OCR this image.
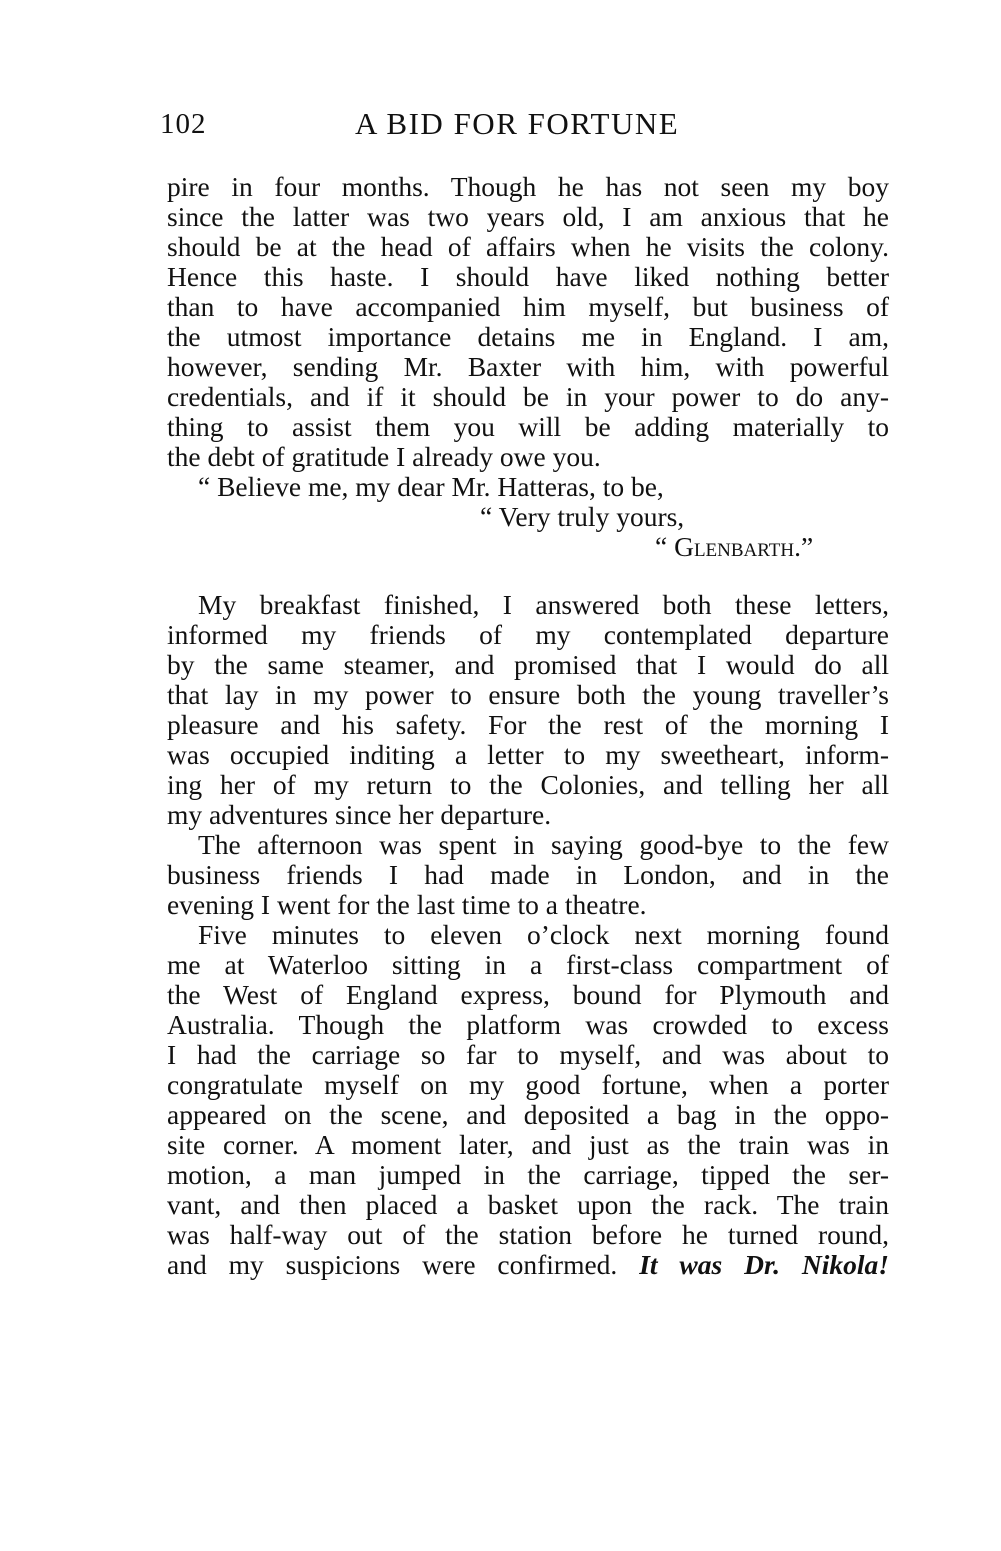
102	A BID FOR FORTUNE
pire in four months. Though he has not seen my boy
since the latter was two years old, I am anxious that he
should be at the head of affairs when he visits the colony.
Hence this haste. I should have liked nothing better
than to have accompanied him myself, but business of
the utmost importance detains me in England. I am,
however, sending Mr. Baxter with him, with powerful
credentials, and if it should be in your power to do any-
thing to assist them you will be adding materially to
the debt of gratitude I already owe you.
“ Believe me, my dear Mr. Hatteras, to be,
“ Very truly yours,
“ Glenbarth.”
My breakfast finished, I answered both these letters,
informed my friends of my contemplated departure
by the same steamer, and promised that I would do all
that lay in my power to ensure both the young traveller’s
pleasure and his safety. For the rest of the morning I
was occupied inditing a letter to my sweetheart, inform-
ing her of my return to the Colonies, and telling her all
my adventures since her departure.
The afternoon was spent in saying good-bye to the few
business friends I had made in London, and in the
evening I went for the last time to a theatre.
Five minutes to eleven o’clock next morning found
me at Waterloo sitting in a first-class compartment of
the West of England express, bound for Plymouth and
Australia. Though the platform was crowded to excess
I had the carriage so far to myself, and was about to
congratulate myself on my good fortune, when a porter
appeared on the scene, and deposited a bag in the oppo-
site corner. A moment later, and just as the train was in
motion, a man jumped in the carriage, tipped the ser-
vant, and then placed a basket upon the rack. The train
was half-way out of the station before he turned round,
and my suspicions were confirmed. It was Dr. Nikola!
